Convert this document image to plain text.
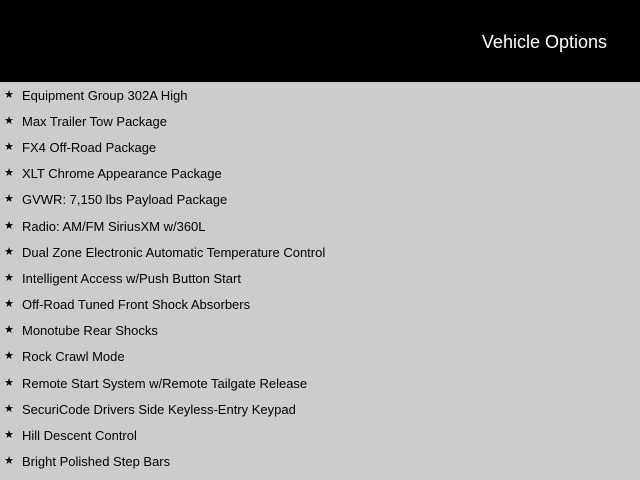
Vehicle Options
★ Equipment Group 302A High
★ Max Trailer Tow Package
★ FX4 Off-Road Package
★ XLT Chrome Appearance Package
★ GVWR: 7,150 lbs Payload Package
★ Radio: AM/FM SiriusXM w/360L
★ Dual Zone Electronic Automatic Temperature Control
★ Intelligent Access w/Push Button Start
★ Off-Road Tuned Front Shock Absorbers
★ Monotube Rear Shocks
★ Rock Crawl Mode
★ Remote Start System w/Remote Tailgate Release
★ SecuriCode Drivers Side Keyless-Entry Keypad
★ Hill Descent Control
★ Bright Polished Step Bars
